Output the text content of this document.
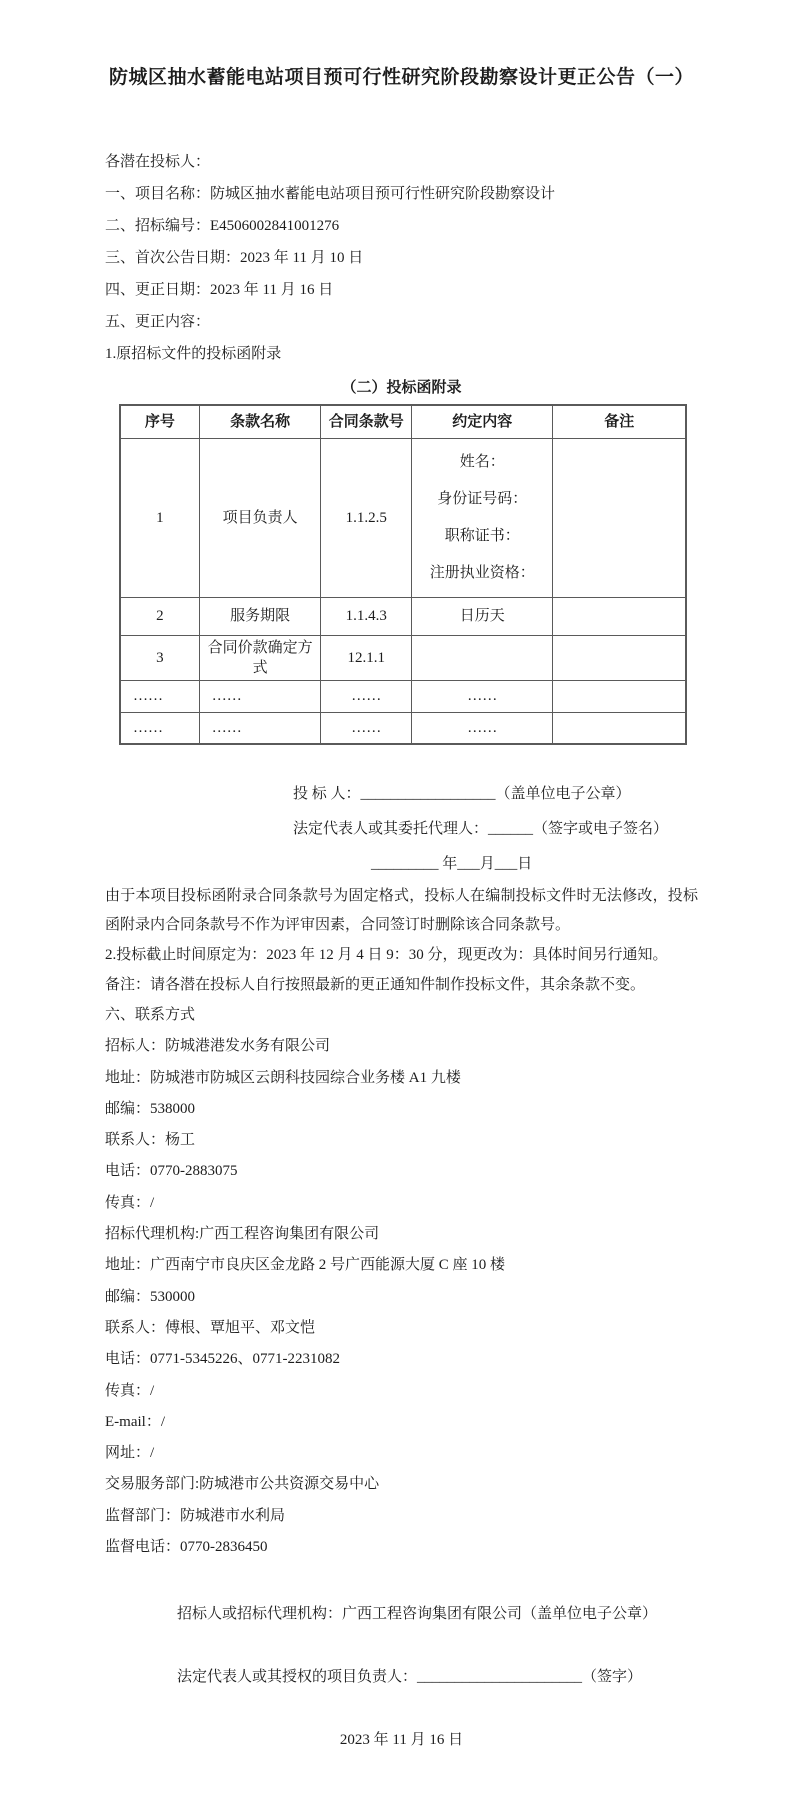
防城区抽水蓄能电站项目预可行性研究阶段勘察设计更正公告（一）

各潜在投标人：

一、项目名称：防城区抽水蓄能电站项目预可行性研究阶段勘察设计

二、招标编号：E4506002841001276

三、首次公告日期：2023 年 11 月 10 日

四、更正日期：2023 年 11 月 16 日

五、更正内容：

1.原招标文件的投标函附录

（二）投标函附录
序号	条款名称	合同条款号	约定内容	备注
1	项目负责人	1.1.2.5	姓名：

身份证号码：

职称证书：

注册执业资格：	

2	服务期限	1.1.4.3	日历天	
3	合同价款确定方式	12.1.1		
……	……	……	……	
……	……	……	……	

投 标 人：__________________（盖单位电子公章）

法定代表人或其委托代理人：______（签字或电子签名）

_________ 年___月___日

由于本项目投标函附录合同条款号为固定格式，投标人在编制投标文件时无法修改，投标函附录内合同条款号不作为评审因素，合同签订时删除该合同条款号。

2.投标截止时间原定为：2023 年 12 月 4 日 9：30 分，现更改为：具体时间另行通知。

备注：请各潜在投标人自行按照最新的更正通知件制作投标文件，其余条款不变。

六、联系方式

招标人：防城港港发水务有限公司

地址：防城港市防城区云朗科技园综合业务楼 A1 九楼

邮编：538000

联系人：杨工

电话：0770-2883075

传真：/

招标代理机构:广西工程咨询集团有限公司

地址：广西南宁市良庆区金龙路 2 号广西能源大厦 C 座 10 楼

邮编：530000

联系人：傅根、覃旭平、邓文恺

电话：0771-5345226、0771-2231082

传真：/

E-mail：/

网址：/

交易服务部门:防城港市公共资源交易中心

监督部门：防城港市水利局

监督电话：0770-2836450

招标人或招标代理机构：广西工程咨询集团有限公司（盖单位电子公章）

法定代表人或其授权的项目负责人：______________________（签字）

2023 年 11 月 16 日
